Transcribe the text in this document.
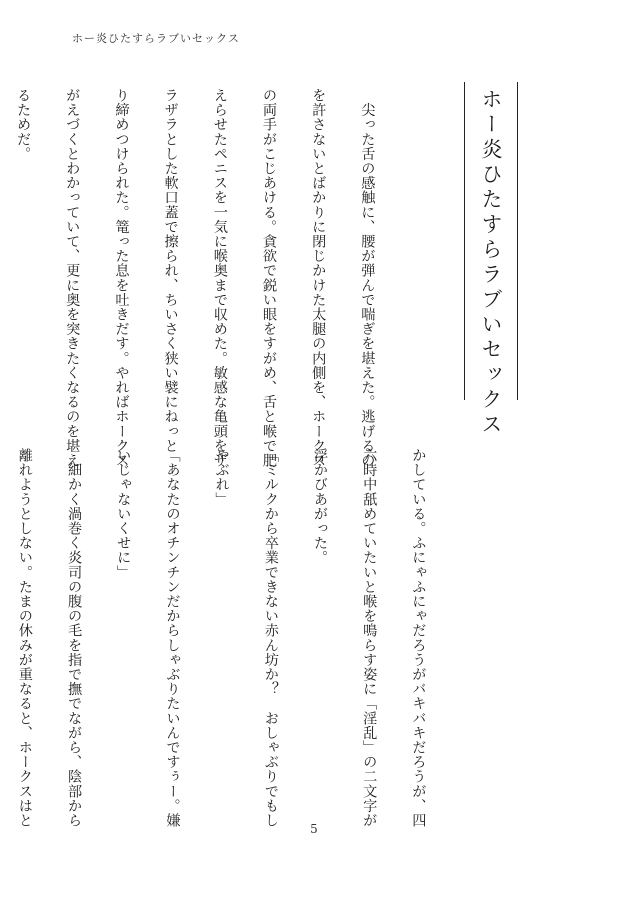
ホー炎ひたすらラブいセックス
ホー炎ひたすらラブいセックス

　尖った舌の感触に、腰が弾んで喘ぎを堪えた。逃げるの

を許さないとばかりに閉じかけた太腿の内側を、ホークス

の両手がこじあける。貪欲で鋭い眼をすがめ、舌と喉で肥

えらせたペニスを一気に喉奥まで収めた。敏感な亀頭をザ

ラザラとした軟口蓋で擦られ、ちいさく狭い襞にねっと

り締めつけられた。篭った息を吐きだす。やればホークス

がえづくとわかっていて、更に奥を突きたくなるのを堪え

るためだ。

かしている。ふにゃふにゃだろうがバキバキだろうが、四

六時中舐めていたいと喉を鳴らす姿に「淫乱」の二文字が

浮かびあがった。

「ミルクから卒業できない赤ん坊か？　おしゃぶりでもし

やぶれ」

「あなたのオチンチンだからしゃぶりたいんですぅー。嫌

いじゃないくせに」

　細かく渦巻く炎司の腹の毛を指で撫でながら、陰部から

離れようとしない。たまの休みが重なると、ホークスはと

5
